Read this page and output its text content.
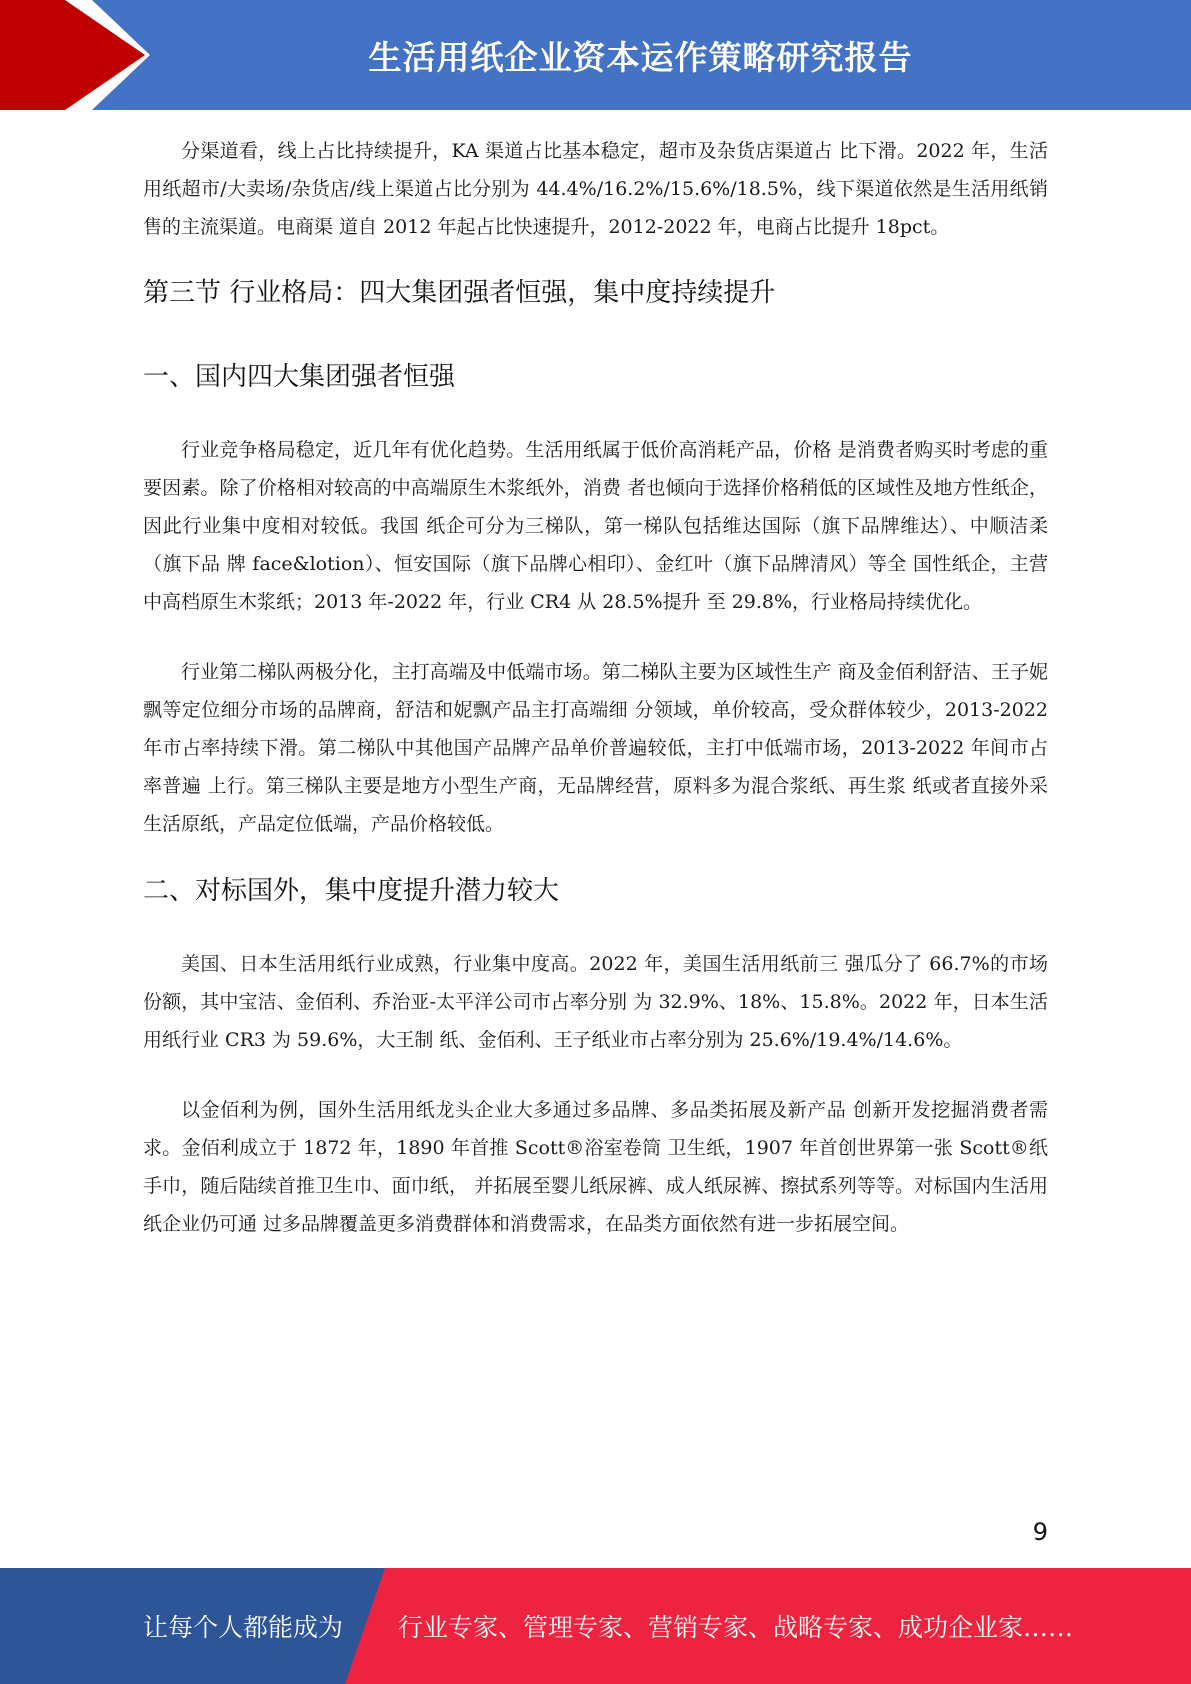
生活用纸企业资本运作策略研究报告

分渠道看，线上占比持续提升，KA 渠道占比基本稳定，超市及杂货店渠道占 比下滑。2022 年，生活用纸超市/大卖场/杂货店/线上渠道占比分别为 44.4%/16.2%/15.6%/18.5%，线下渠道依然是生活用纸销售的主流渠道。电商渠 道自 2012 年起占比快速提升，2012-2022 年，电商占比提升 18pct。

第三节 行业格局：四大集团强者恒强，集中度持续提升
一、国内四大集团强者恒强

行业竞争格局稳定，近几年有优化趋势。生活用纸属于低价高消耗产品，价格 是消费者购买时考虑的重要因素。除了价格相对较高的中高端原生木浆纸外，消费 者也倾向于选择价格稍低的区域性及地方性纸企，因此行业集中度相对较低。我国 纸企可分为三梯队，第一梯队包括维达国际（旗下品牌维达）、中顺洁柔（旗下品 牌 face&lotion）、恒安国际（旗下品牌心相印）、金红叶（旗下品牌清风）等全 国性纸企，主营中高档原生木浆纸；2013 年-2022 年，行业 CR4 从 28.5%提升 至 29.8%，行业格局持续优化。

行业第二梯队两极分化，主打高端及中低端市场。第二梯队主要为区域性生产 商及金佰利舒洁、王子妮飘等定位细分市场的品牌商，舒洁和妮飘产品主打高端细 分领域，单价较高，受众群体较少，2013-2022 年市占率持续下滑。第二梯队中其他国产品牌产品单价普遍较低，主打中低端市场，2013-2022 年间市占率普遍 上行。第三梯队主要是地方小型生产商，无品牌经营，原料多为混合浆纸、再生浆 纸或者直接外采生活原纸，产品定位低端，产品价格较低。

二、对标国外，集中度提升潜力较大

美国、日本生活用纸行业成熟，行业集中度高。2022 年，美国生活用纸前三 强瓜分了 66.7%的市场份额，其中宝洁、金佰利、乔治亚-太平洋公司市占率分别 为 32.9%、18%、15.8%。2022 年，日本生活用纸行业 CR3 为 59.6%，大王制 纸、金佰利、王子纸业市占率分别为 25.6%/19.4%/14.6%。

以金佰利为例，国外生活用纸龙头企业大多通过多品牌、多品类拓展及新产品 创新开发挖掘消费者需求。金佰利成立于 1872 年，1890 年首推 Scott®浴室卷筒 卫生纸，1907 年首创世界第一张 Scott®纸手巾，随后陆续首推卫生巾、面巾纸， 并拓展至婴儿纸尿裤、成人纸尿裤、擦拭系列等等。对标国内生活用纸企业仍可通 过多品牌覆盖更多消费群体和消费需求，在品类方面依然有进一步拓展空间。

9
让每个人都能成为 行业专家、管理专家、营销专家、战略专家、成功企业家……
